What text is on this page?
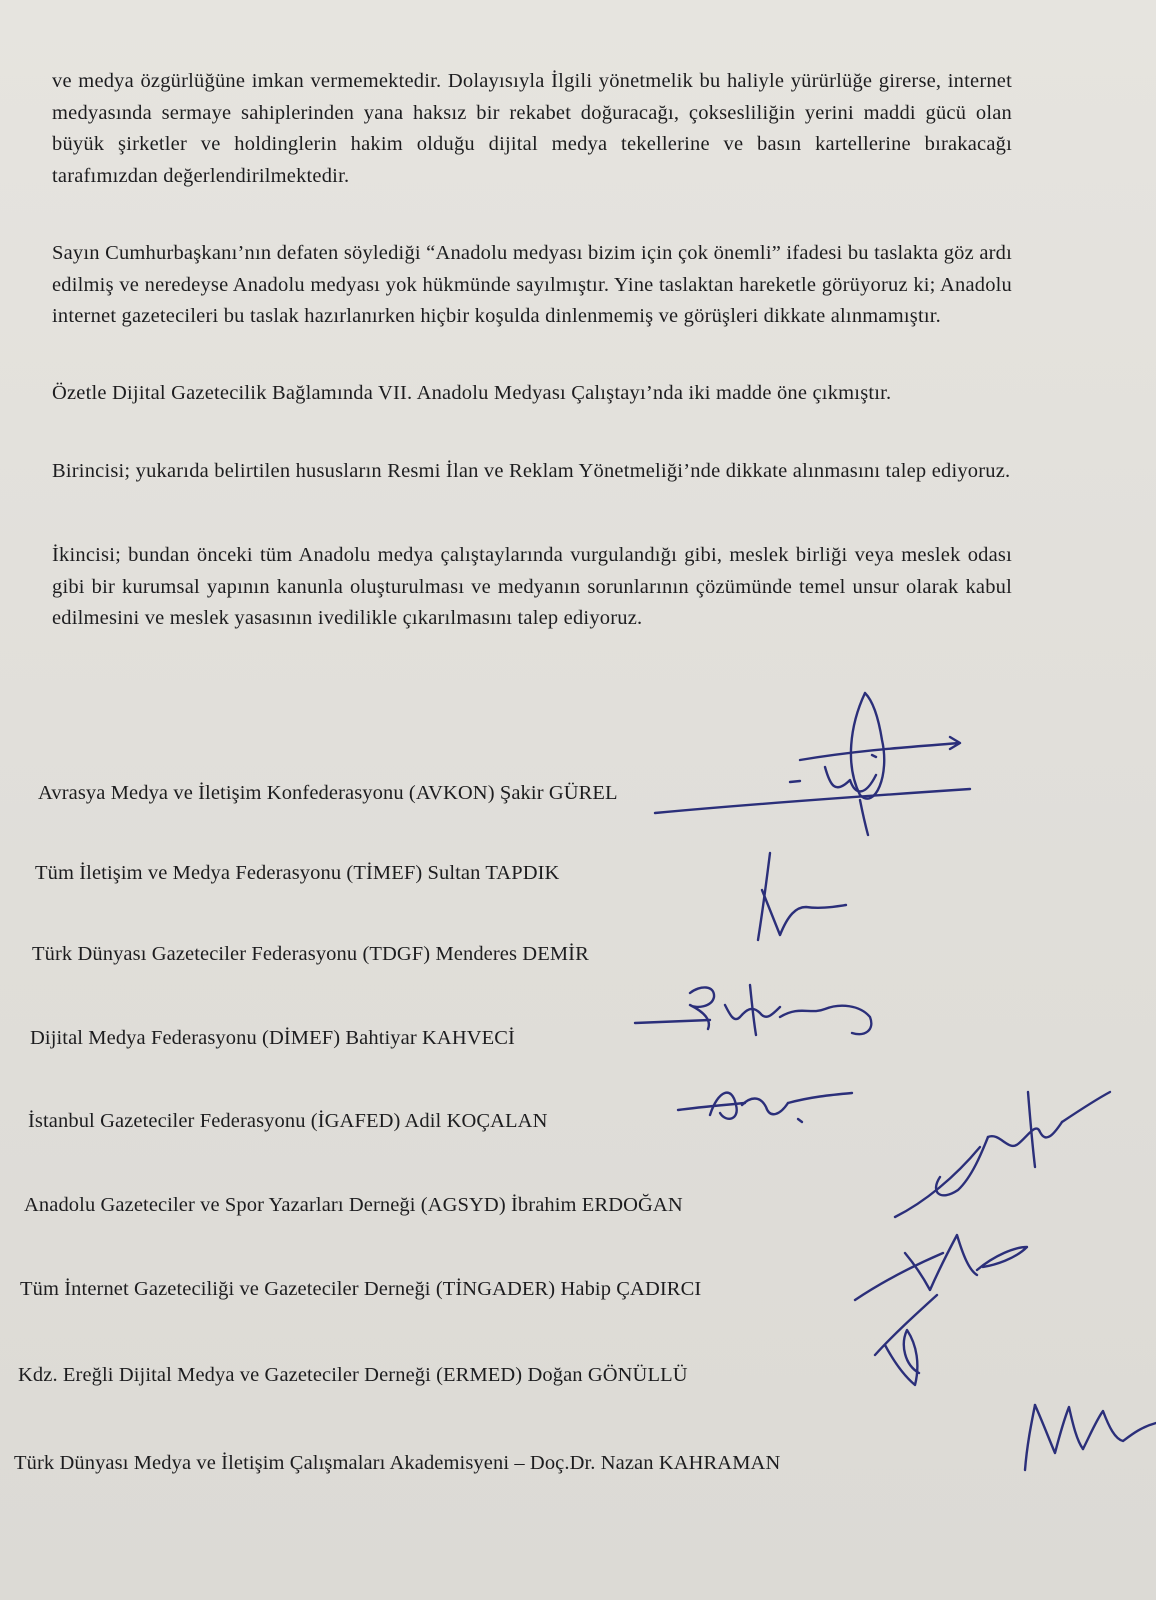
ve medya özgürlüğüne imkan vermemektedir. Dolayısıyla İlgili yönetmelik bu haliyle yürürlüğe girerse, internet medyasında sermaye sahiplerinden yana haksız bir rekabet doğuracağı, çoksesliliğin yerini maddi gücü olan büyük şirketler ve holdinglerin hakim olduğu dijital medya tekellerine ve basın kartellerine bırakacağı tarafımızdan değerlendirilmektedir.

Sayın Cumhurbaşkanı’nın defaten söylediği “Anadolu medyası bizim için çok önemli” ifadesi bu taslakta göz ardı edilmiş ve neredeyse Anadolu medyası yok hükmünde sayılmıştır. Yine taslaktan hareketle görüyoruz ki; Anadolu internet gazetecileri bu taslak hazırlanırken hiçbir koşulda dinlenmemiş ve görüşleri dikkate alınmamıştır.

Özetle Dijital Gazetecilik Bağlamında VII. Anadolu Medyası Çalıştayı’nda iki madde öne çıkmıştır.

Birincisi; yukarıda belirtilen hususların Resmi İlan ve Reklam Yönetmeliği’nde dikkate alınmasını talep ediyoruz.

İkincisi; bundan önceki tüm Anadolu medya çalıştaylarında vurgulandığı gibi, meslek birliği veya meslek odası gibi bir kurumsal yapının kanunla oluşturulması ve medyanın sorunlarının çözümünde temel unsur olarak kabul edilmesini ve meslek yasasının ivedilikle çıkarılmasını talep ediyoruz.

Avrasya Medya ve İletişim Konfederasyonu (AVKON) Şakir GÜREL
Tüm İletişim ve Medya Federasyonu (TİMEF) Sultan TAPDIK
Türk Dünyası Gazeteciler Federasyonu (TDGF) Menderes DEMİR
Dijital Medya Federasyonu (DİMEF) Bahtiyar KAHVECİ
İstanbul Gazeteciler Federasyonu (İGAFED) Adil KOÇALAN
Anadolu Gazeteciler ve Spor Yazarları Derneği (AGSYD) İbrahim ERDOĞAN
Tüm İnternet Gazeteciliği ve Gazeteciler Derneği (TİNGADER) Habip ÇADIRCI
Kdz. Ereğli Dijital Medya ve Gazeteciler Derneği (ERMED) Doğan GÖNÜLLÜ
Türk Dünyası Medya ve İletişim Çalışmaları Akademisyeni – Doç.Dr. Nazan KAHRAMAN
